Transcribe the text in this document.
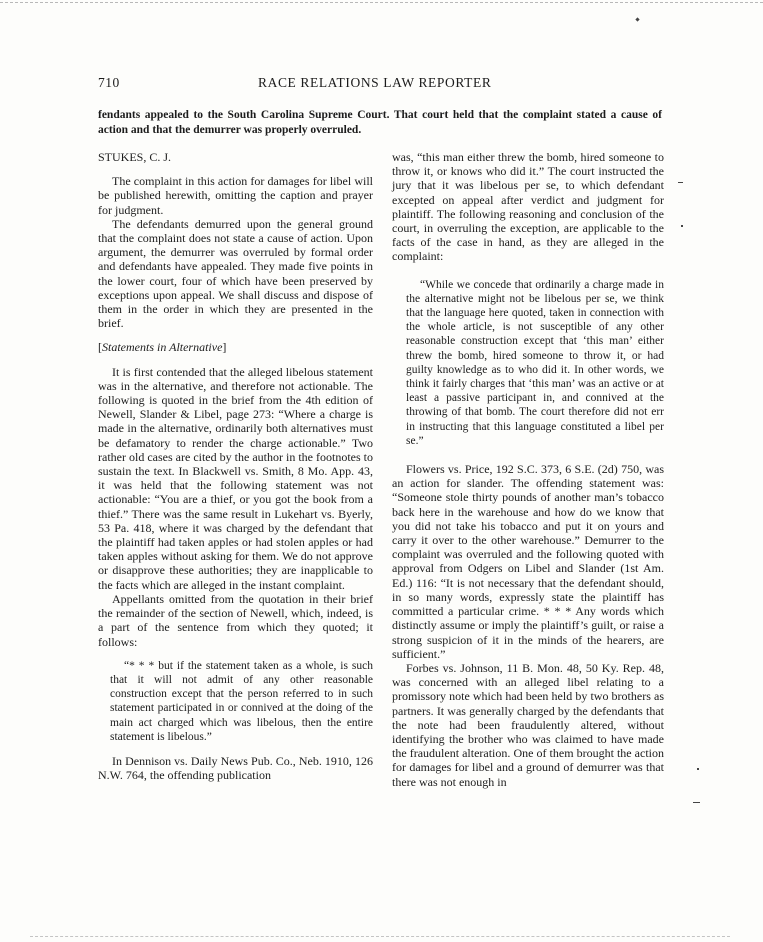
710	RACE RELATIONS LAW REPORTER
fendants appealed to the South Carolina Supreme Court. That court held that the complaint stated a cause of action and that the demurrer was properly overruled.

STUKES, C. J.

The complaint in this action for damages for libel will be published herewith, omitting the caption and prayer for judgment.

The defendants demurred upon the general ground that the complaint does not state a cause of action. Upon argument, the demurrer was overruled by formal order and defendants have appealed. They made five points in the lower court, four of which have been preserved by exceptions upon appeal. We shall discuss and dispose of them in the order in which they are presented in the brief.

[Statements in Alternative]

It is first contended that the alleged libelous statement was in the alternative, and therefore not actionable. The following is quoted in the brief from the 4th edition of Newell, Slander & Libel, page 273: “Where a charge is made in the alternative, ordinarily both alternatives must be defamatory to render the charge actionable.” Two rather old cases are cited by the author in the footnotes to sustain the text. In Blackwell vs. Smith, 8 Mo. App. 43, it was held that the following statement was not actionable: “You are a thief, or you got the book from a thief.” There was the same result in Lukehart vs. Byerly, 53 Pa. 418, where it was charged by the defendant that the plaintiff had taken apples or had stolen apples or had taken apples without asking for them. We do not approve or disapprove these authorities; they are inapplicable to the facts which are alleged in the instant complaint.

Appellants omitted from the quotation in their brief the remainder of the section of Newell, which, indeed, is a part of the sentence from which they quoted; it follows:

“* * * but if the statement taken as a whole, is such that it will not admit of any other reasonable construction except that the person referred to in such statement participated in or connived at the doing of the main act charged which was libelous, then the entire statement is libelous.”

In Dennison vs. Daily News Pub. Co., Neb. 1910, 126 N.W. 764, the offending publication

was, “this man either threw the bomb, hired someone to throw it, or knows who did it.” The court instructed the jury that it was libelous per se, to which defendant excepted on appeal after verdict and judgment for plaintiff. The following reasoning and conclusion of the court, in overruling the exception, are applicable to the facts of the case in hand, as they are alleged in the complaint:

“While we concede that ordinarily a charge made in the alternative might not be libelous per se, we think that the language here quoted, taken in connection with the whole article, is not susceptible of any other reasonable construction except that ‘this man’ either threw the bomb, hired someone to throw it, or had guilty knowledge as to who did it. In other words, we think it fairly charges that ‘this man’ was an active or at least a passive participant in, and connived at the throwing of that bomb. The court therefore did not err in instructing that this language constituted a libel per se.”

Flowers vs. Price, 192 S.C. 373, 6 S.E. (2d) 750, was an action for slander. The offending statement was: “Someone stole thirty pounds of another man’s tobacco back here in the warehouse and how do we know that you did not take his tobacco and put it on yours and carry it over to the other warehouse.” Demurrer to the complaint was overruled and the following quoted with approval from Odgers on Libel and Slander (1st Am. Ed.) 116: “It is not necessary that the defendant should, in so many words, expressly state the plaintiff has committed a particular crime. * * * Any words which distinctly assume or imply the plaintiff’s guilt, or raise a strong suspicion of it in the minds of the hearers, are sufficient.”

Forbes vs. Johnson, 11 B. Mon. 48, 50 Ky. Rep. 48, was concerned with an alleged libel relating to a promissory note which had been held by two brothers as partners. It was generally charged by the defendants that the note had been fraudulently altered, without identifying the brother who was claimed to have made the fraudulent alteration. One of them brought the action for damages for libel and a ground of demurrer was that there was not enough in
